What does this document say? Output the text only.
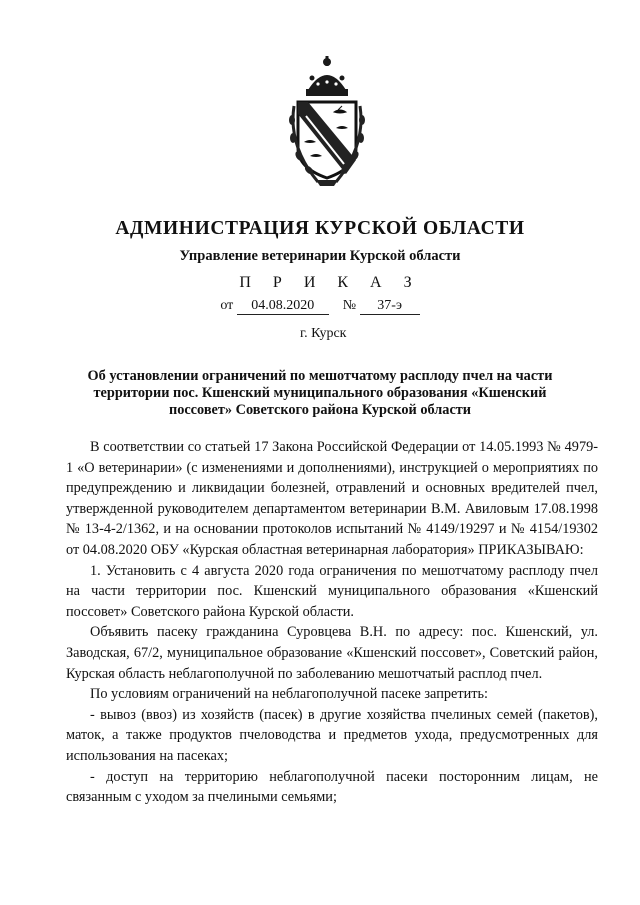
АДМИНИСТРАЦИЯ КУРСКОЙ ОБЛАСТИ
Управление ветеринарии Курской области
П Р И К А З
от 04.08.2020 № 37-э
г. Курск
Об установлении ограничений по мешотчатому расплоду пчел на части
территории пос. Кшенский муниципального образования «Кшенский
поссовет» Советского района Курской области

В соответствии со статьей 17 Закона Российской Федерации от 14.05.1993 № 4979-1 «О ветеринарии» (с изменениями и дополнениями), инструкцией о мероприятиях по предупреждению и ликвидации болезней, отравлений и основных вредителей пчел, утвержденной руководителем департаментом ветеринарии В.М. Авиловым 17.08.1998 № 13-4-2/1362, и на основании протоколов испытаний № 4149/19297 и № 4154/19302 от 04.08.2020 ОБУ «Курская областная ветеринарная лаборатория» ПРИКАЗЫВАЮ:

1. Установить с 4 августа 2020 года ограничения по мешотчатому расплоду пчел на части территории пос. Кшенский муниципального образования «Кшенский поссовет» Советского района Курской области.

Объявить пасеку гражданина Суровцева В.Н. по адресу: пос. Кшенский, ул. Заводская, 67/2, муниципальное образование «Кшенский поссовет», Советский район, Курская область неблагополучной по заболеванию мешотчатый расплод пчел.

По условиям ограничений на неблагополучной пасеке запретить:

- вывоз (ввоз) из хозяйств (пасек) в другие хозяйства пчелиных семей (пакетов), маток, а также продуктов пчеловодства и предметов ухода, предусмотренных для использования на пасеках;

- доступ на территорию неблагополучной пасеки посторонним лицам, не связанным с уходом за пчелиными семьями;
